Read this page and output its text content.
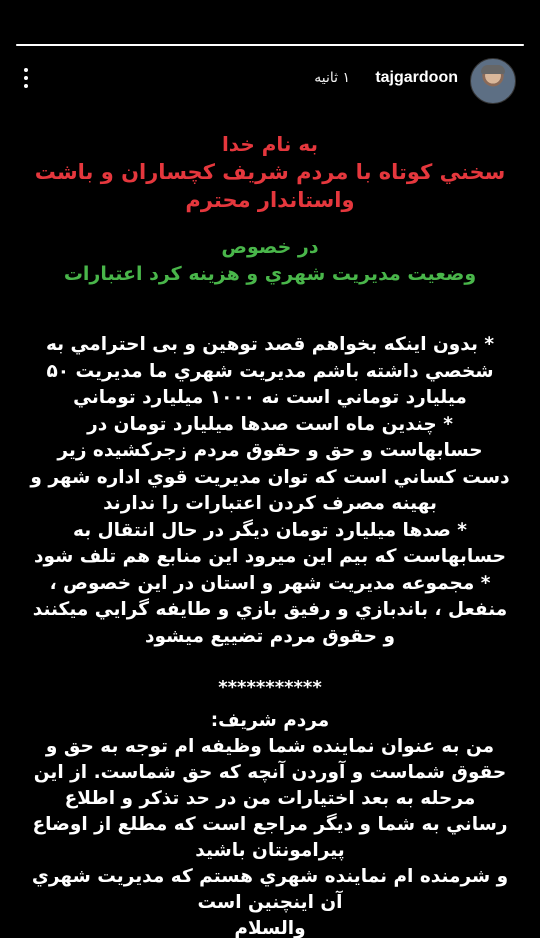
۱ ثانیه tajgardoon
به نام خدا
سخني كوتاه با مردم شريف كچساران و باشت
واستاندار محترم
در خصوص
وضعيت مديريت شهري و هزينه كرد اعتبارات
* بدون اينكه بخواهم قصد توهين و بی احترامي به
شخصي داشته باشم مديريت شهري ما مديريت ۵۰
ميليارد توماني است نه ۱۰۰۰ ميليارد توماني
* چندين ماه است صدها ميليارد تومان در
حسابهاست و حق و حقوق مردم زجركشيده زير
دست كساني است كه توان مديريت قوي اداره شهر و
بهينه مصرف كردن اعتبارات را ندارند
* صدها ميليارد تومان ديگر در حال انتقال به
حسابهاست كه بيم اين ميرود اين منابع هم تلف شود
* مجموعه مديريت شهر و استان در اين خصوص ،
منفعل ، باندبازي و رفيق بازي و طايفه گرايي ميكنند
و حقوق مردم تضييع ميشود
***********
مردم شريف:
من به عنوان نماينده شما وظيفه ام توجه به حق و
حقوق شماست و آوردن آنچه كه حق شماست. از اين
مرحله به بعد اختيارات من در حد تذكر و اطلاع
رساني به شما و ديگر مراجع است كه مطلع از اوضاع
پيرامونتان باشيد
و شرمنده ام نماينده شهري هستم كه مديريت شهري
آن اينچنين است
والسلام
